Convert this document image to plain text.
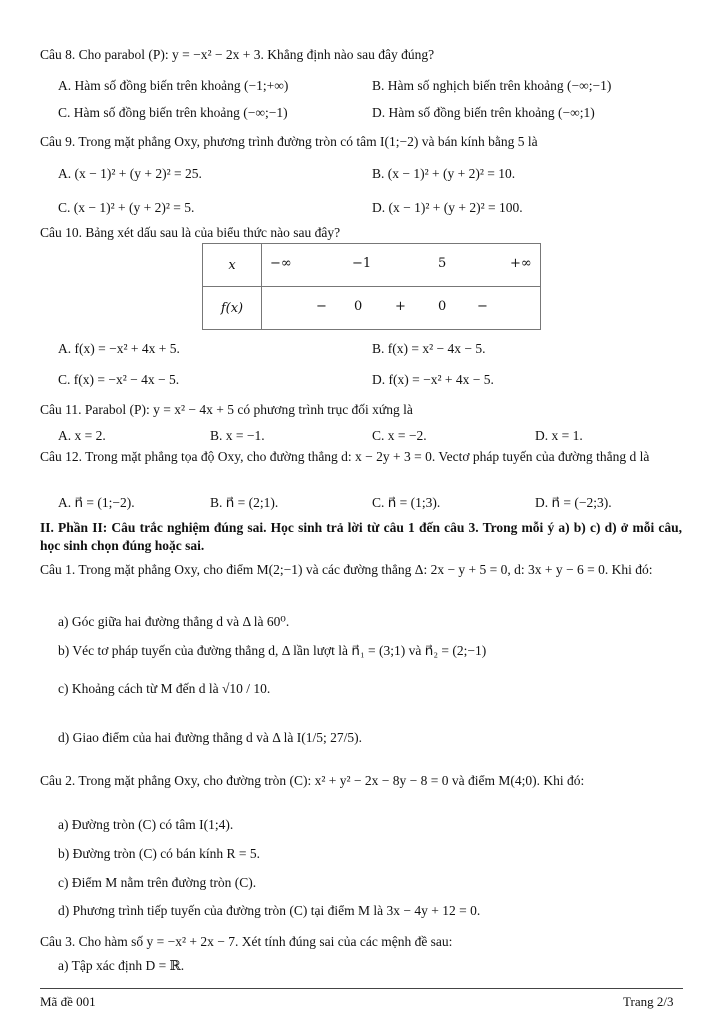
Câu 8. Cho parabol (P): y = −x² − 2x + 3. Khẳng định nào sau đây đúng?
A. Hàm số đồng biến trên khoảng (−1;+∞)	B. Hàm số nghịch biến trên khoảng (−∞;−1)
C. Hàm số đồng biến trên khoảng (−∞;−1)	D. Hàm số đồng biến trên khoảng (−∞;1)
Câu 9. Trong mặt phẳng Oxy, phương trình đường tròn có tâm I(1;−2) và bán kính bằng 5 là
A. (x − 1)² + (y + 2)² = 25.	B. (x − 1)² + (y + 2)² = 10.
C. (x − 1)² + (y + 2)² = 5.	D. (x − 1)² + (y + 2)² = 100.
Câu 10. Bảng xét dấu sau là của biểu thức nào sau đây?
x	−∞ −1 5 +∞

f(x)	− 0 + 0 −
A. f(x) = −x² + 4x + 5.	B. f(x) = x² − 4x − 5.
C. f(x) = −x² − 4x − 5.	D. f(x) = −x² + 4x − 5.
Câu 11. Parabol (P): y = x² − 4x + 5 có phương trình trục đối xứng là
A. x = 2.	B. x = −1.	C. x = −2.	D. x = 1.
Câu 12. Trong mặt phẳng tọa độ Oxy, cho đường thẳng d: x − 2y + 3 = 0. Vectơ pháp tuyến của đường thẳng d là
A. n⃗ = (1;−2).	B. n⃗ = (2;1).	C. n⃗ = (1;3).	D. n⃗ = (−2;3).
II. Phần II: Câu trắc nghiệm đúng sai. Học sinh trả lời từ câu 1 đến câu 3. Trong mỗi ý a) b) c) d) ở mỗi câu, học sinh chọn đúng hoặc sai.
Câu 1. Trong mặt phẳng Oxy, cho điểm M(2;−1) và các đường thẳng Δ: 2x − y + 5 = 0, d: 3x + y − 6 = 0. Khi đó:
a) Góc giữa hai đường thẳng d và Δ là 60⁰.
b) Véc tơ pháp tuyến của đường thẳng d, Δ lần lượt là n⃗₁ = (3;1) và n⃗₂ = (2;−1)
c) Khoảng cách từ M đến d là √10 / 10.
d) Giao điểm của hai đường thẳng d và Δ là I(1/5; 27/5).
Câu 2. Trong mặt phẳng Oxy, cho đường tròn (C): x² + y² − 2x − 8y − 8 = 0 và điểm M(4;0). Khi đó:
a) Đường tròn (C) có tâm I(1;4).
b) Đường tròn (C) có bán kính R = 5.
c) Điểm M nằm trên đường tròn (C).
d) Phương trình tiếp tuyến của đường tròn (C) tại điểm M là 3x − 4y + 12 = 0.
Câu 3. Cho hàm số y = −x² + 2x − 7. Xét tính đúng sai của các mệnh đề sau:
a) Tập xác định D = ℝ.
Mã đề 001	Trang 2/3
